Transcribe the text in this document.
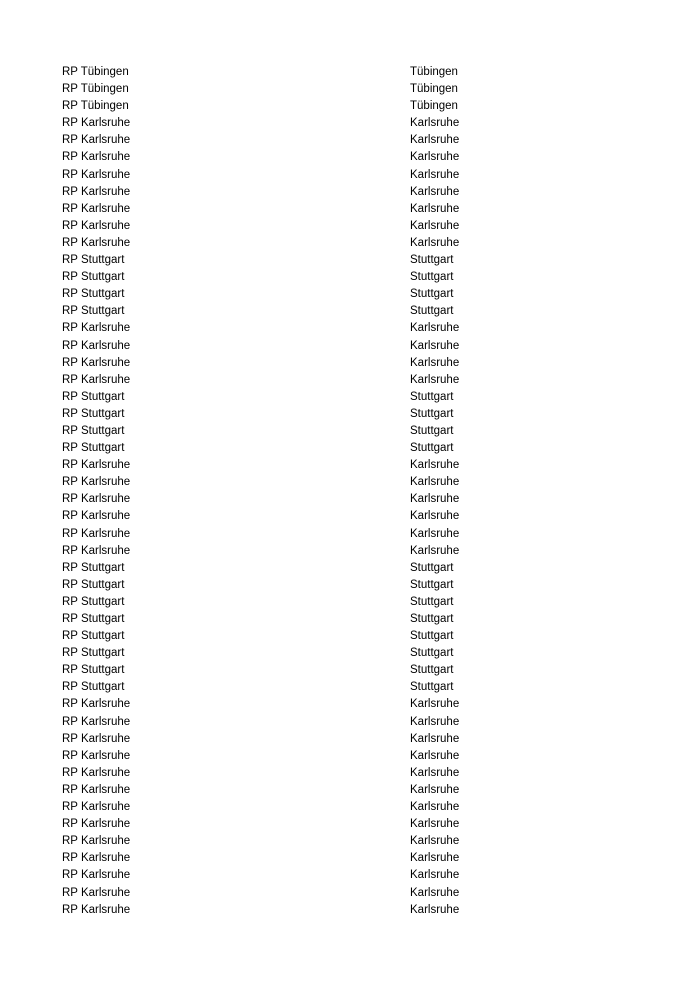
RP Tübingen	Tübingen
RP Tübingen	Tübingen
RP Tübingen	Tübingen
RP Karlsruhe	Karlsruhe
RP Karlsruhe	Karlsruhe
RP Karlsruhe	Karlsruhe
RP Karlsruhe	Karlsruhe
RP Karlsruhe	Karlsruhe
RP Karlsruhe	Karlsruhe
RP Karlsruhe	Karlsruhe
RP Karlsruhe	Karlsruhe
RP Stuttgart	Stuttgart
RP Stuttgart	Stuttgart
RP Stuttgart	Stuttgart
RP Stuttgart	Stuttgart
RP Karlsruhe	Karlsruhe
RP Karlsruhe	Karlsruhe
RP Karlsruhe	Karlsruhe
RP Karlsruhe	Karlsruhe
RP Stuttgart	Stuttgart
RP Stuttgart	Stuttgart
RP Stuttgart	Stuttgart
RP Stuttgart	Stuttgart
RP Karlsruhe	Karlsruhe
RP Karlsruhe	Karlsruhe
RP Karlsruhe	Karlsruhe
RP Karlsruhe	Karlsruhe
RP Karlsruhe	Karlsruhe
RP Karlsruhe	Karlsruhe
RP Stuttgart	Stuttgart
RP Stuttgart	Stuttgart
RP Stuttgart	Stuttgart
RP Stuttgart	Stuttgart
RP Stuttgart	Stuttgart
RP Stuttgart	Stuttgart
RP Stuttgart	Stuttgart
RP Stuttgart	Stuttgart
RP Karlsruhe	Karlsruhe
RP Karlsruhe	Karlsruhe
RP Karlsruhe	Karlsruhe
RP Karlsruhe	Karlsruhe
RP Karlsruhe	Karlsruhe
RP Karlsruhe	Karlsruhe
RP Karlsruhe	Karlsruhe
RP Karlsruhe	Karlsruhe
RP Karlsruhe	Karlsruhe
RP Karlsruhe	Karlsruhe
RP Karlsruhe	Karlsruhe
RP Karlsruhe	Karlsruhe
RP Karlsruhe	Karlsruhe
